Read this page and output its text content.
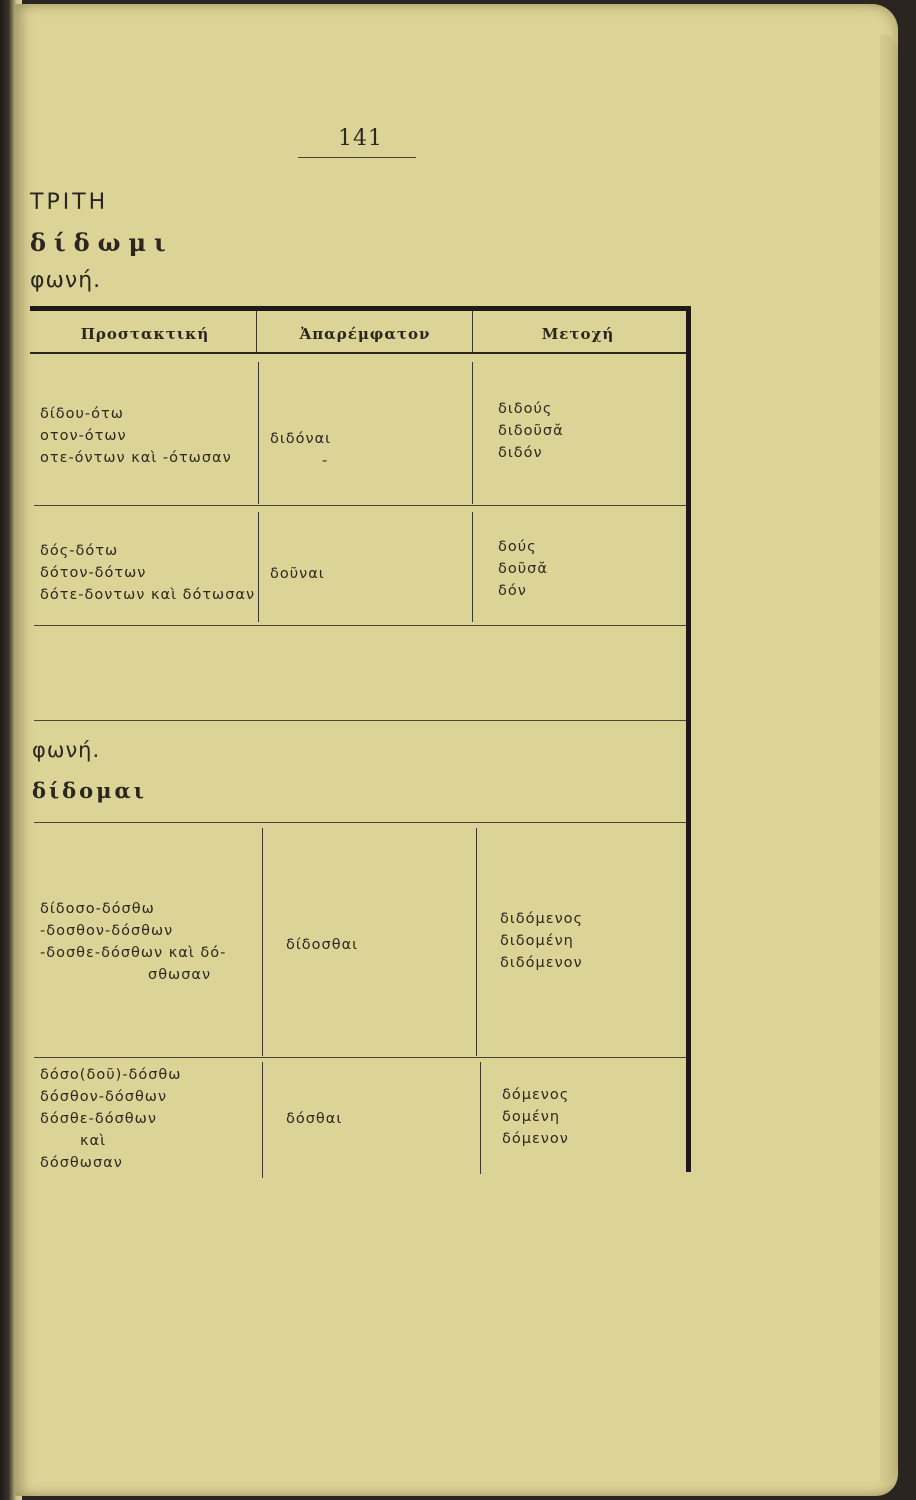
141
ΤΡΙΤΗ
δίδωμι
φωνή.
Προστακτική	Ἀπαρέμφατον	Μετοχή
δίδου-ότω
οτον-ότων
οτε-όντων καὶ -ότωσαν
διδόναι
-
διδούς
διδοῦσᾰ
διδόν
δός-δότω
δότον-δότων
δότε-δοντων καὶ δότωσαν
δοῦναι
δούς
δοῦσᾰ
δόν
φωνή.
δίδομαι
δίδοσο-δόσθω
-δοσθον-δόσθων
-δοσθε-δόσθων καὶ δό-
σθωσαν
δίδοσθαι
διδόμενος
διδομένη
διδόμενον
δόσο(δοῦ)-δόσθω
δόσθον-δόσθων
δόσθε-δόσθων
καὶ
δόσθωσαν
δόσθαι
δόμενος
δομένη
δόμενον
